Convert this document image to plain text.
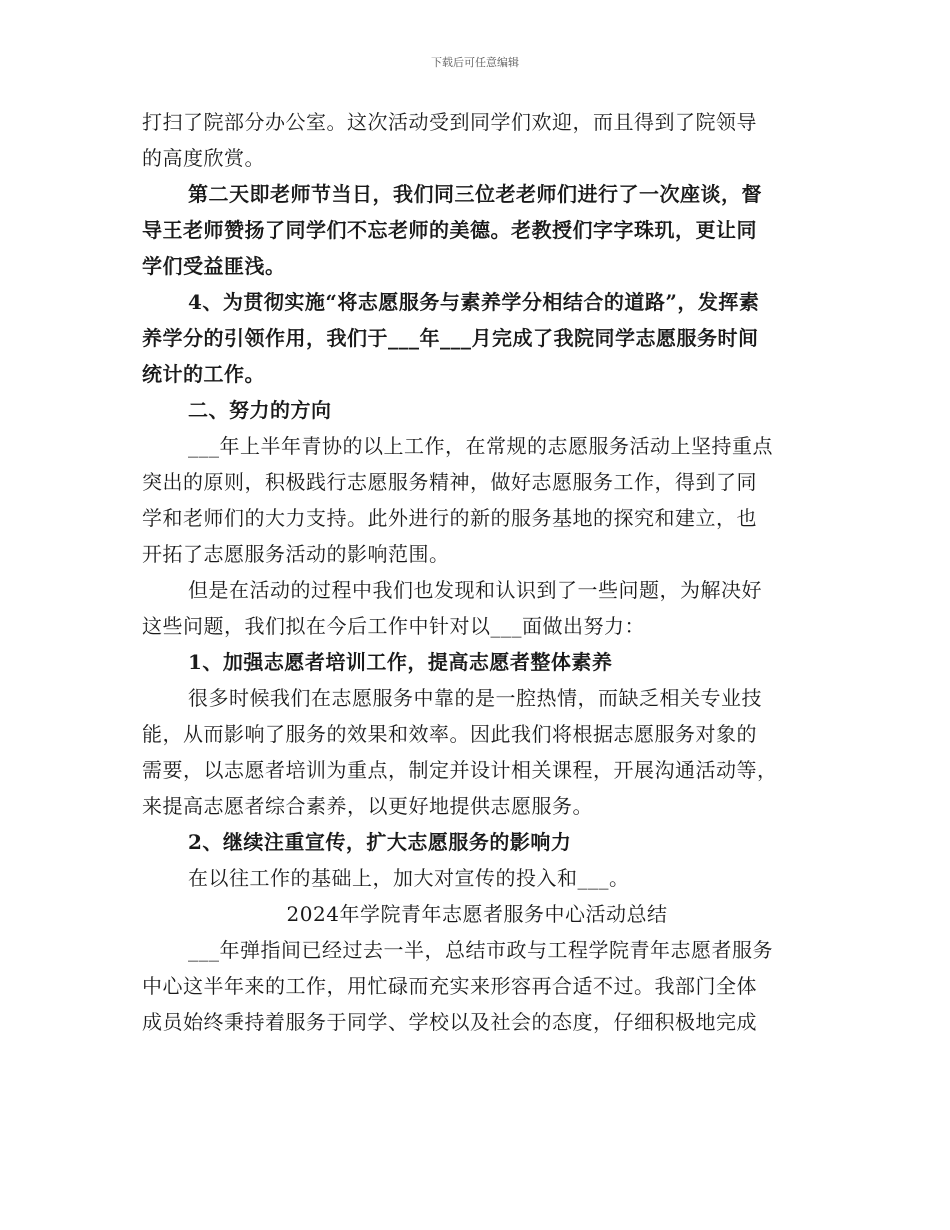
下载后可任意编辑
打扫了院部分办公室。这次活动受到同学们欢迎，而且得到了院领导
的高度欣赏。
第二天即老师节当日，我们同三位老老师们进行了一次座谈，督
导王老师赞扬了同学们不忘老师的美德。老教授们字字珠玑，更让同
学们受益匪浅。
4、为贯彻实施“将志愿服务与素养学分相结合的道路”，发挥素
养学分的引领作用，我们于___年___月完成了我院同学志愿服务时间
统计的工作。
二、努力的方向
___年上半年青协的以上工作，在常规的志愿服务活动上坚持重点
突出的原则，积极践行志愿服务精神，做好志愿服务工作，得到了同
学和老师们的大力支持。此外进行的新的服务基地的探究和建立，也
开拓了志愿服务活动的影响范围。
但是在活动的过程中我们也发现和认识到了一些问题，为解决好
这些问题，我们拟在今后工作中针对以___面做出努力：
1、加强志愿者培训工作，提高志愿者整体素养
很多时候我们在志愿服务中靠的是一腔热情，而缺乏相关专业技
能，从而影响了服务的效果和效率。因此我们将根据志愿服务对象的
需要，以志愿者培训为重点，制定并设计相关课程，开展沟通活动等，
来提高志愿者综合素养，以更好地提供志愿服务。
2、继续注重宣传，扩大志愿服务的影响力
在以往工作的基础上，加大对宣传的投入和___。
2024年学院青年志愿者服务中心活动总结
___年弹指间已经过去一半，总结市政与工程学院青年志愿者服务
中心这半年来的工作，用忙碌而充实来形容再合适不过。我部门全体
成员始终秉持着服务于同学、学校以及社会的态度，仔细积极地完成
